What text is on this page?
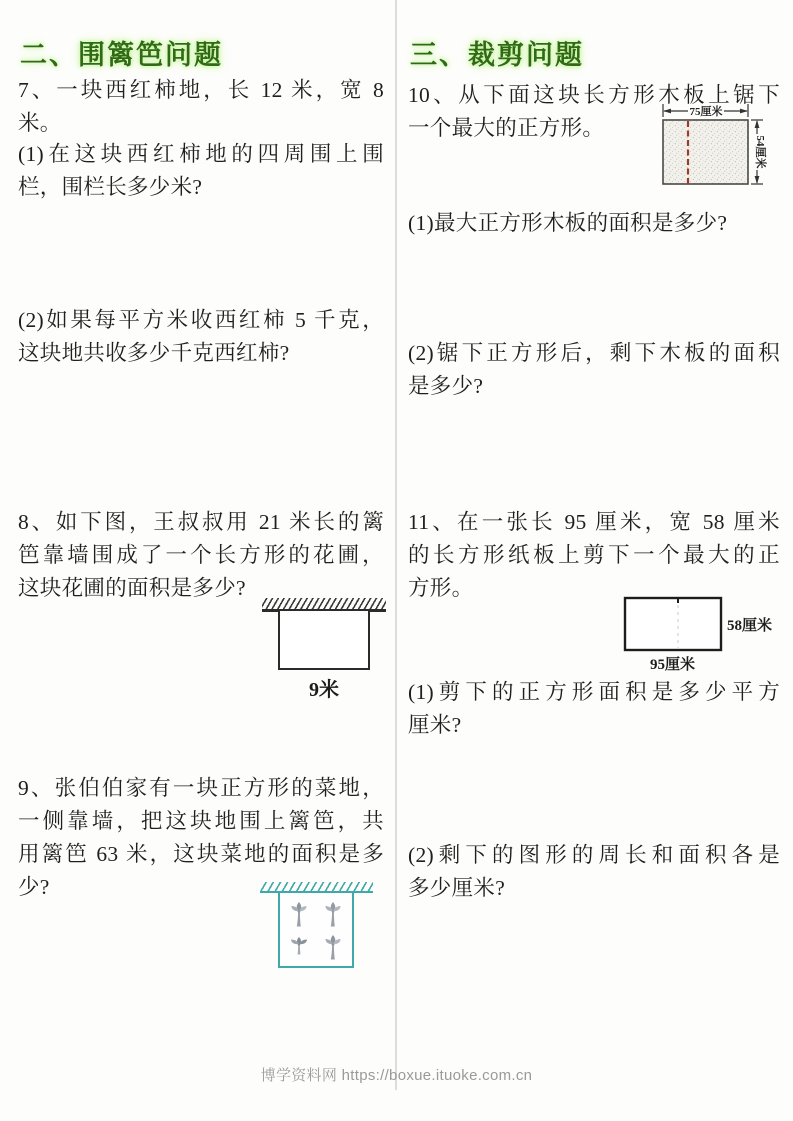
二、围篱笆问题
7、一块西红柿地，长 12 米，宽 8
米。
(1)在这块西红柿地的四周围上围
栏，围栏长多少米?
(2)如果每平方米收西红柿 5 千克，
这块地共收多少千克西红柿?
8、如下图，王叔叔用 21 米长的篱
笆靠墙围成了一个长方形的花圃，
这块花圃的面积是多少?
9米
9、张伯伯家有一块正方形的菜地，
一侧靠墙，把这块地围上篱笆，共
用篱笆 63 米，这块菜地的面积是多
少?
三、裁剪问题
10、从下面这块长方形木板上锯下
一个最大的正方形。
75厘米
54厘米
(1)最大正方形木板的面积是多少?
(2)锯下正方形后，剩下木板的面积
是多少?
11、在一张长 95 厘米，宽 58 厘米
的长方形纸板上剪下一个最大的正
方形。
58厘米
95厘米
(1)剪下的正方形面积是多少平方
厘米?
(2)剩下的图形的周长和面积各是
多少厘米?
博学资料网 https://boxue.ituoke.com.cn
